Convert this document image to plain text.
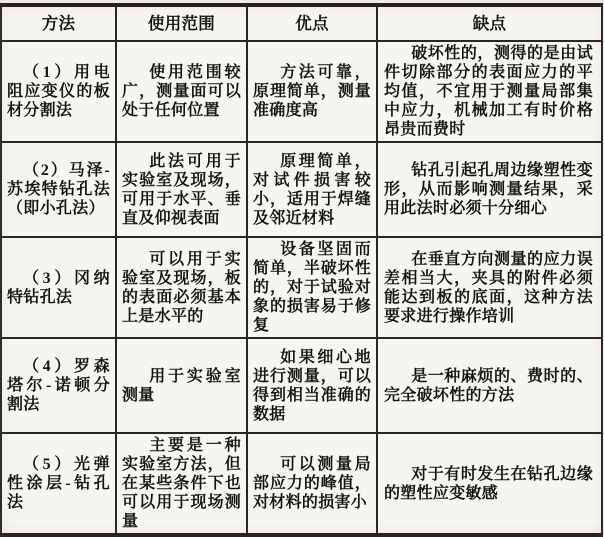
方法	使用范围	优点	缺点

（1）用电阻应变仪的板材分割法	使用范围较广，测量面可以处于任何位置	方法可靠，原理简单，测量准确度高	破坏性的，测得的是由试件切除部分的表面应力的平均值，不宜用于测量局部集中应力，机械加工有时价格昂贵而费时

（2）马泽-苏埃特钻孔法（即小孔法）	此法可用于实验室及现场，可用于水平、垂直及仰视表面	原理简单，对试件损害较小，适用于焊缝及邻近材料	钻孔引起孔周边缘塑性变形，从而影响测量结果，采用此法时必须十分细心

（3）冈纳特钻孔法	可以用于实验室及现场，板的表面必须基本上是水平的	设备坚固而简单，半破坏性的，对于试验对象的损害易于修复	在垂直方向测量的应力误差相当大，夹具的附件必须能达到板的底面，这种方法要求进行操作培训

（4）罗森塔尔-诺顿分割法	用于实验室测量	如果细心地进行测量，可以得到相当准确的数据	是一种麻烦的、费时的、完全破坏性的方法

（5）光弹性涂层-钻孔法	主要是一种实验室方法，但在某些条件下也可以用于现场测量	可以测量局部应力的峰值，对材料的损害小	对于有时发生在钻孔边缘的塑性应变敏感
